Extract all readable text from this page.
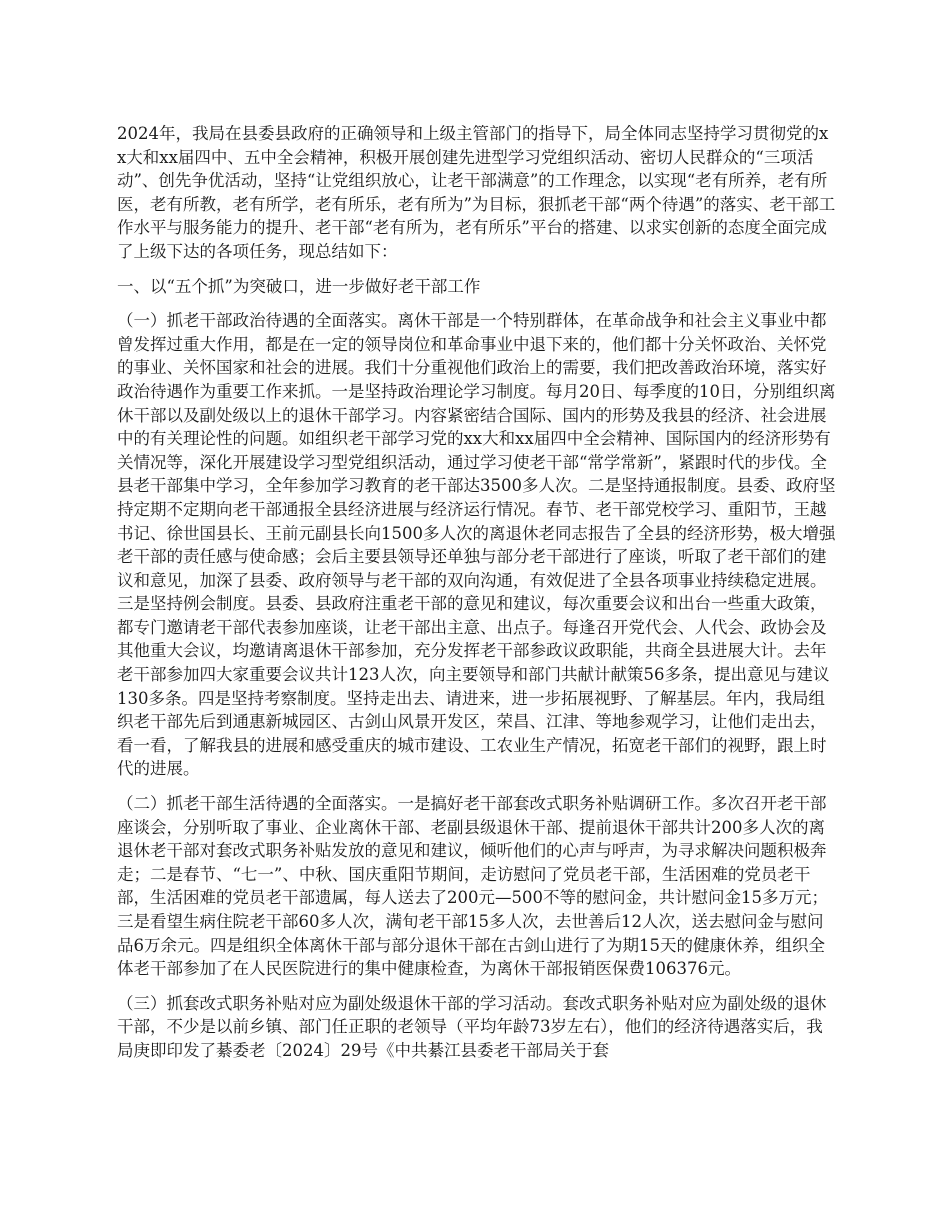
2024年，我局在县委县政府的正确领导和上级主管部门的指导下，局全体同志坚持学习贯彻党的xx大和xx届四中、五中全会精神，积极开展创建先进型学习党组织活动、密切人民群众的“三项活动”、创先争优活动，坚持“让党组织放心，让老干部满意”的工作理念，以实现“老有所养，老有所医，老有所教，老有所学，老有所乐，老有所为”为目标，狠抓老干部“两个待遇”的落实、老干部工作水平与服务能力的提升、老干部“老有所为，老有所乐”平台的搭建、以求实创新的态度全面完成了上级下达的各项任务，现总结如下：

一、以“五个抓”为突破口，进一步做好老干部工作

（一）抓老干部政治待遇的全面落实。离休干部是一个特别群体，在革命战争和社会主义事业中都曾发挥过重大作用，都是在一定的领导岗位和革命事业中退下来的，他们都十分关怀政治、关怀党的事业、关怀国家和社会的进展。我们十分重视他们政治上的需要，我们把改善政治环境，落实好政治待遇作为重要工作来抓。一是坚持政治理论学习制度。每月20日、每季度的10日，分别组织离休干部以及副处级以上的退休干部学习。内容紧密结合国际、国内的形势及我县的经济、社会进展中的有关理论性的问题。如组织老干部学习党的xx大和xx届四中全会精神、国际国内的经济形势有关情况等，深化开展建设学习型党组织活动，通过学习使老干部“常学常新”，紧跟时代的步伐。全县老干部集中学习，全年参加学习教育的老干部达3500多人次。二是坚持通报制度。县委、政府坚持定期不定期向老干部通报全县经济进展与经济运行情况。春节、老干部党校学习、重阳节，王越书记、徐世国县长、王前元副县长向1500多人次的离退休老同志报告了全县的经济形势，极大增强老干部的责任感与使命感；会后主要县领导还单独与部分老干部进行了座谈，听取了老干部们的建议和意见，加深了县委、政府领导与老干部的双向沟通，有效促进了全县各项事业持续稳定进展。三是坚持例会制度。县委、县政府注重老干部的意见和建议，每次重要会议和出台一些重大政策，都专门邀请老干部代表参加座谈，让老干部出主意、出点子。每逢召开党代会、人代会、政协会及其他重大会议，均邀请离退休干部参加，充分发挥老干部参政议政职能，共商全县进展大计。去年老干部参加四大家重要会议共计123人次，向主要领导和部门共献计献策56多条，提出意见与建议130多条。四是坚持考察制度。坚持走出去、请进来，进一步拓展视野、了解基层。年内，我局组织老干部先后到通惠新城园区、古剑山风景开发区，荣昌、江津、等地参观学习，让他们走出去，看一看，了解我县的进展和感受重庆的城市建设、工农业生产情况，拓宽老干部们的视野，跟上时代的进展。

（二）抓老干部生活待遇的全面落实。一是搞好老干部套改式职务补贴调研工作。多次召开老干部座谈会，分别听取了事业、企业离休干部、老副县级退休干部、提前退休干部共计200多人次的离退休老干部对套改式职务补贴发放的意见和建议，倾听他们的心声与呼声，为寻求解决问题积极奔走；二是春节、“七一”、中秋、国庆重阳节期间，走访慰问了党员老干部，生活困难的党员老干部，生活困难的党员老干部遗属，每人送去了200元—500不等的慰问金，共计慰问金15多万元；三是看望生病住院老干部60多人次，满旬老干部15多人次，去世善后12人次，送去慰问金与慰问品6万余元。四是组织全体离休干部与部分退休干部在古剑山进行了为期15天的健康休养，组织全体老干部参加了在人民医院进行的集中健康检查，为离休干部报销医保费106376元。

（三）抓套改式职务补贴对应为副处级退休干部的学习活动。套改式职务补贴对应为副处级的退休干部，不少是以前乡镇、部门任正职的老领导（平均年龄73岁左右），他们的经济待遇落实后，我局庚即印发了綦委老〔2024〕29号《中共綦江县委老干部局关于套
